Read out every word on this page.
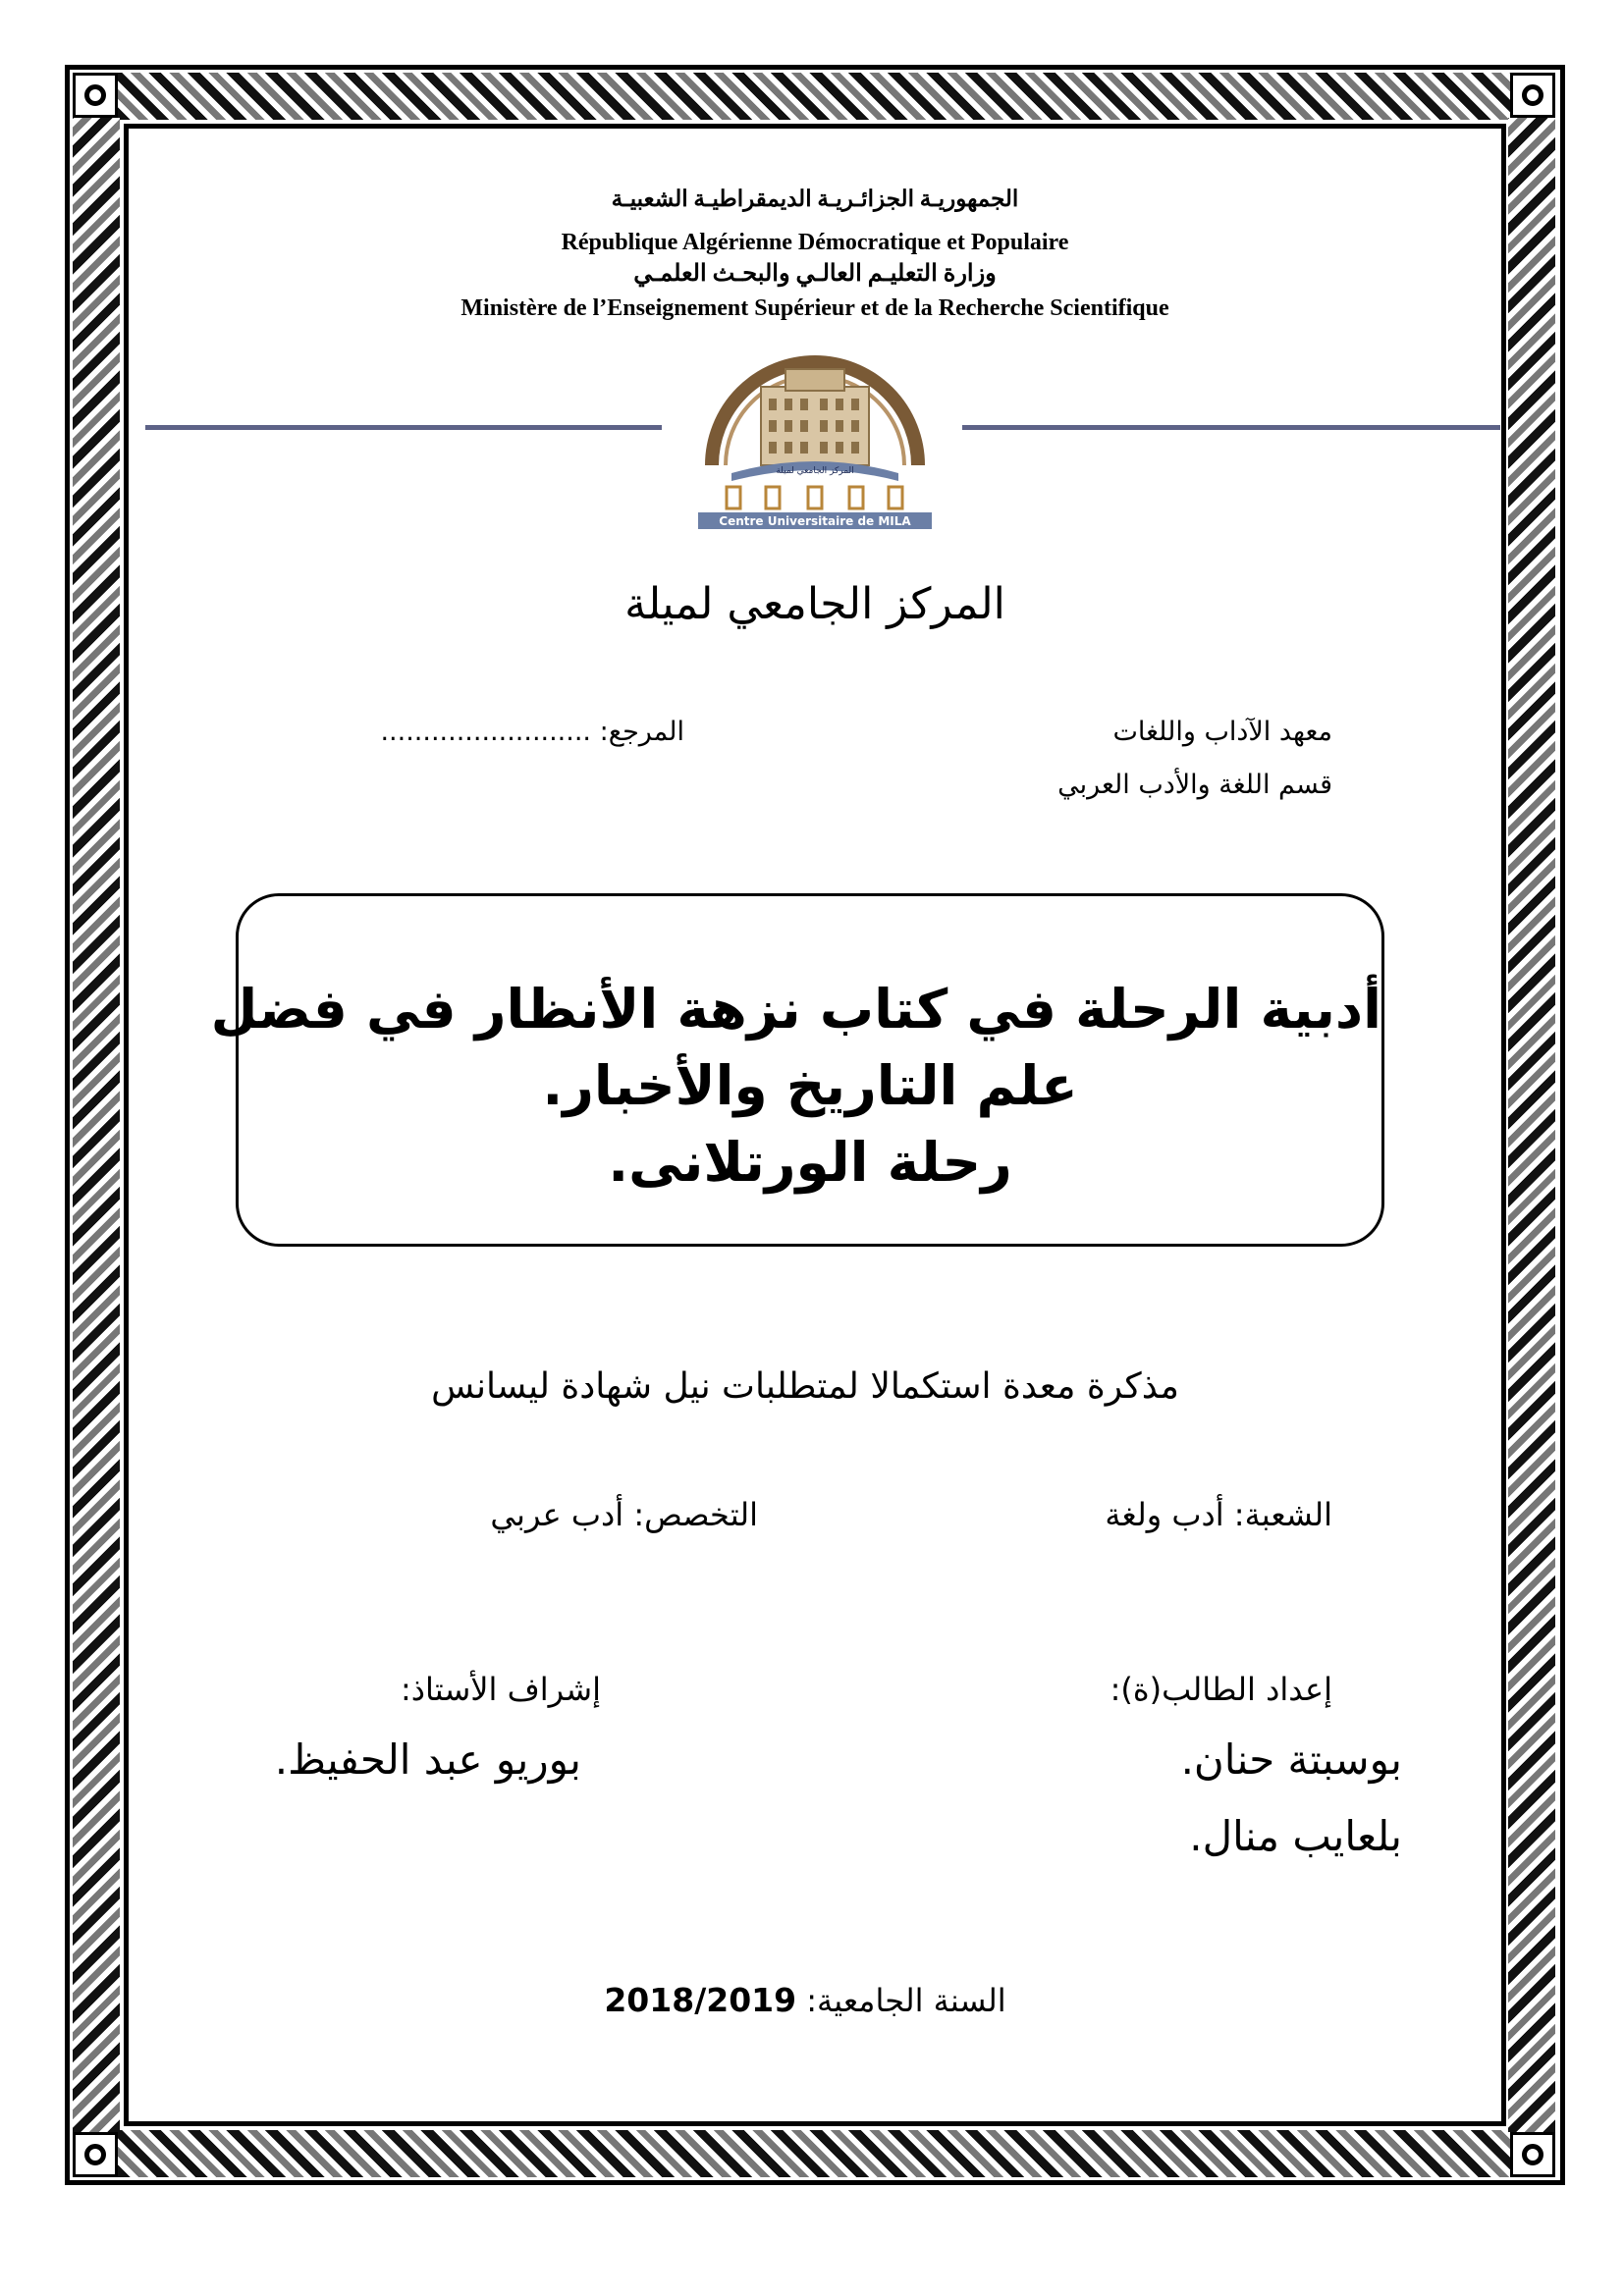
الجمهوريـة الجزائـريـة الديمقراطيـة الشعبيـة
République Algérienne Démocratique et Populaire
وزارة التعليـم العالـي والبحـث العلمـي
Ministère de l’Enseignement Supérieur et de la Recherche Scientifique
المركز الجامعي لميلة
Centre Universitaire de MILA
المركز الجامعي لميلة
معهد الآداب واللغات
قسم اللغة والأدب العربي
المرجع: .........................
أدبية الرحلة في كتاب نزهة الأنظار في فضل
علم التاريخ والأخبار.
رحلة الورتلانى.
مذكرة معدة استكمالا لمتطلبات نيل شهادة ليسانس
الشعبة: أدب ولغة
التخصص: أدب عربي
إعداد الطالب(ة):
إشراف الأستاذ:
بوسبتة حنان.
بلعايب منال.
بوريو عبد الحفيظ.
السنة الجامعية: 2018/2019
